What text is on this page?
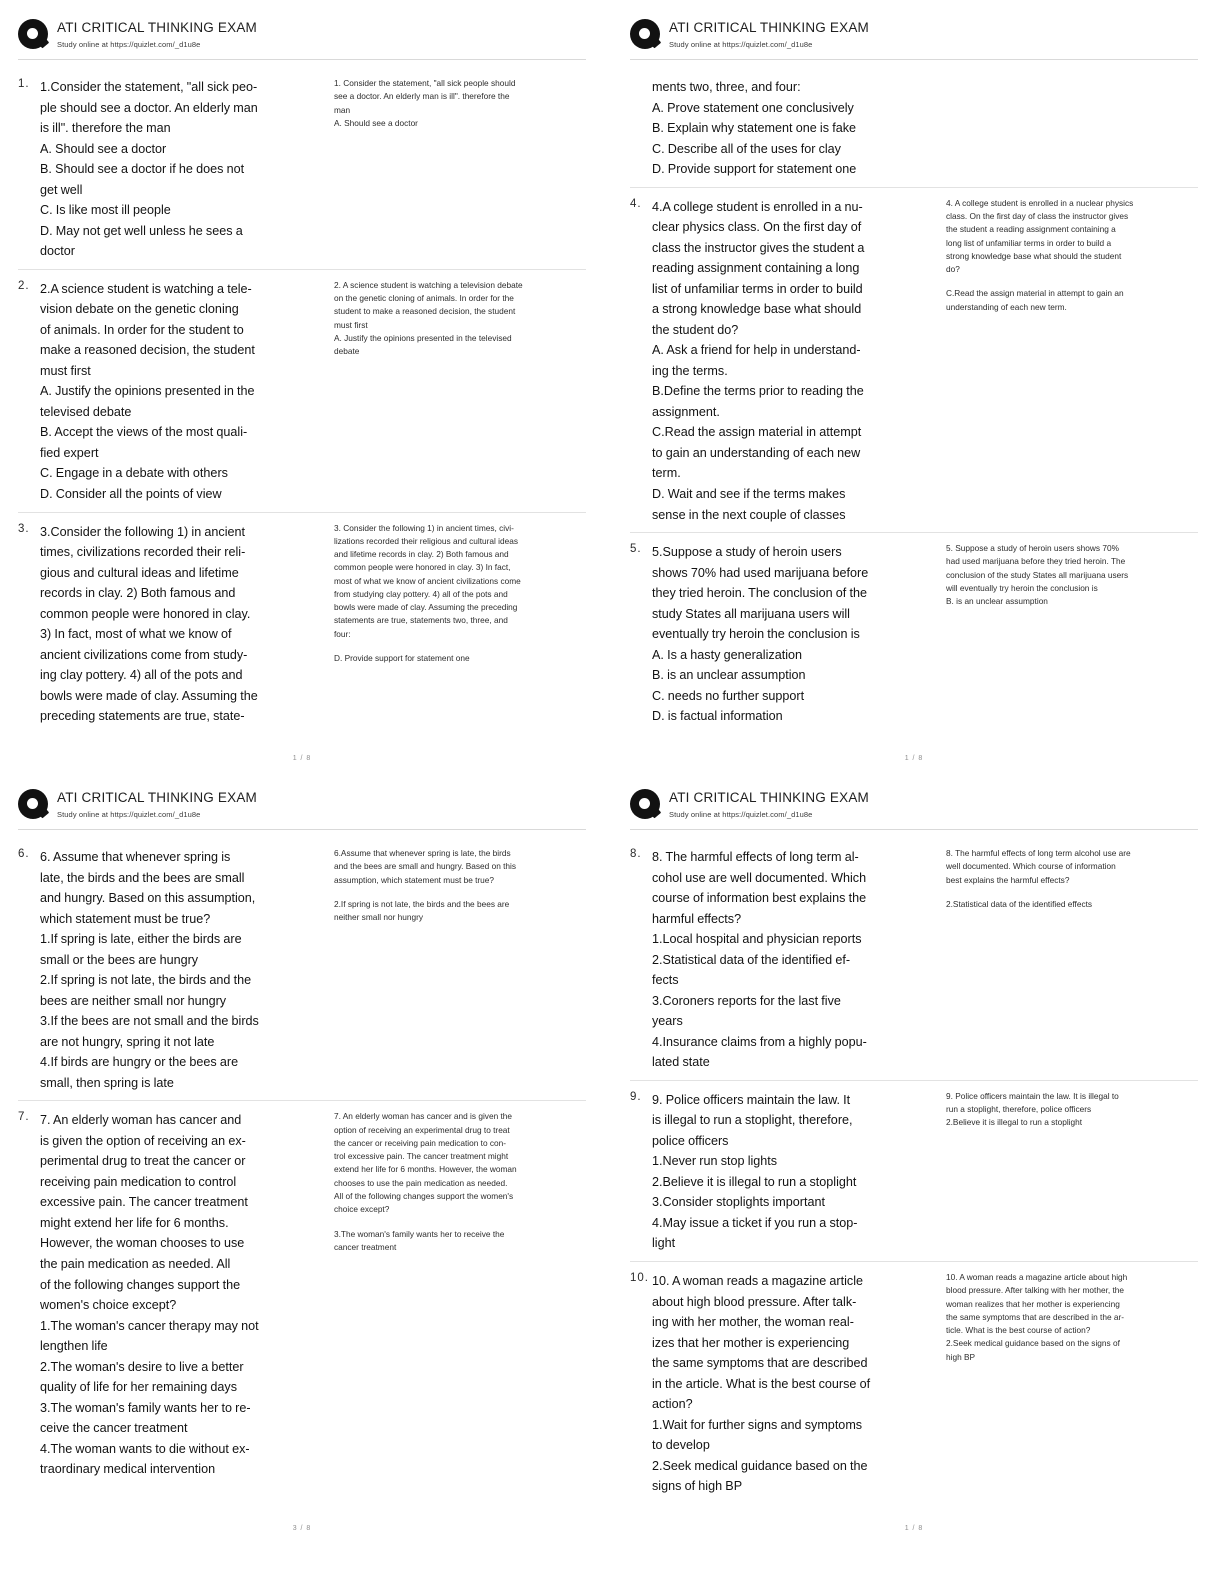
ATI CRITICAL THINKING EXAM
Study online at https://quizlet.com/_d1u8e
1. 1.Consider the statement, "all sick peo-
ple should see a doctor. An elderly man
is ill". therefore the man
A. Should see a doctor
B. Should see a doctor if he does not
get well
C. Is like most ill people
D. May not get well unless he sees a
doctor
1. Consider the statement, "all sick people should
see a doctor. An elderly man is ill". therefore the
man
A. Should see a doctor
2. 2.A science student is watching a tele-
vision debate on the genetic cloning
of animals. In order for the student to
make a reasoned decision, the student
must first
A. Justify the opinions presented in the
televised debate
B. Accept the views of the most quali-
fied expert
C. Engage in a debate with others
D. Consider all the points of view
2. A science student is watching a television debate
on the genetic cloning of animals. In order for the
student to make a reasoned decision, the student
must first
A. Justify the opinions presented in the televised
debate
3. 3.Consider the following 1) in ancient
times, civilizations recorded their reli-
gious and cultural ideas and lifetime
records in clay. 2) Both famous and
common people were honored in clay.
3) In fact, most of what we know of
ancient civilizations come from study-
ing clay pottery. 4) all of the pots and
bowls were made of clay. Assuming the
preceding statements are true, state-
3. Consider the following 1) in ancient times, civi-
lizations recorded their religious and cultural ideas
and lifetime records in clay. 2) Both famous and
common people were honored in clay. 3) In fact,
most of what we know of ancient civilizations come
from studying clay pottery. 4) all of the pots and
bowls were made of clay. Assuming the preceding
statements are true, statements two, three, and
four:
D. Provide support for statement one
1 / 8
ATI CRITICAL THINKING EXAM
Study online at https://quizlet.com/_d1u8e
ments two, three, and four:
A. Prove statement one conclusively
B. Explain why statement one is fake
C. Describe all of the uses for clay
D. Provide support for statement one
4. 4.A college student is enrolled in a nu-
clear physics class. On the first day of
class the instructor gives the student a
reading assignment containing a long
list of unfamiliar terms in order to build
a strong knowledge base what should
the student do?
A. Ask a friend for help in understand-
ing the terms.
B.Define the terms prior to reading the
assignment.
C.Read the assign material in attempt
to gain an understanding of each new
term.
D. Wait and see if the terms makes
sense in the next couple of classes
4. A college student is enrolled in a nuclear physics
class. On the first day of class the instructor gives
the student a reading assignment containing a
long list of unfamiliar terms in order to build a
strong knowledge base what should the student
do?
C.Read the assign material in attempt to gain an
understanding of each new term.
5. 5.Suppose a study of heroin users
shows 70% had used marijuana before
they tried heroin. The conclusion of the
study States all marijuana users will
eventually try heroin the conclusion is
A. Is a hasty generalization
B. is an unclear assumption
C. needs no further support
D. is factual information
5. Suppose a study of heroin users shows 70%
had used marijuana before they tried heroin. The
conclusion of the study States all marijuana users
will eventually try heroin the conclusion is
B. is an unclear assumption
1 / 8
ATI CRITICAL THINKING EXAM
Study online at https://quizlet.com/_d1u8e
6. 6. Assume that whenever spring is
late, the birds and the bees are small
and hungry. Based on this assumption,
which statement must be true?
1.If spring is late, either the birds are
small or the bees are hungry
2.If spring is not late, the birds and the
bees are neither small nor hungry
3.If the bees are not small and the birds
are not hungry, spring it not late
4.If birds are hungry or the bees are
small, then spring is late
6.Assume that whenever spring is late, the birds
and the bees are small and hungry. Based on this
assumption, which statement must be true?
2.If spring is not late, the birds and the bees are
neither small nor hungry
7. 7. An elderly woman has cancer and
is given the option of receiving an ex-
perimental drug to treat the cancer or
receiving pain medication to control
excessive pain. The cancer treatment
might extend her life for 6 months.
However, the woman chooses to use
the pain medication as needed. All
of the following changes support the
women's choice except?
1.The woman's cancer therapy may not
lengthen life
2.The woman's desire to live a better
quality of life for her remaining days
3.The woman's family wants her to re-
ceive the cancer treatment
4.The woman wants to die without ex-
traordinary medical intervention
7. An elderly woman has cancer and is given the
option of receiving an experimental drug to treat
the cancer or receiving pain medication to con-
trol excessive pain. The cancer treatment might
extend her life for 6 months. However, the woman
chooses to use the pain medication as needed.
All of the following changes support the women's
choice except?
3.The woman's family wants her to receive the
cancer treatment
3 / 8
ATI CRITICAL THINKING EXAM
Study online at https://quizlet.com/_d1u8e
8. 8. The harmful effects of long term al-
cohol use are well documented. Which
course of information best explains the
harmful effects?
1.Local hospital and physician reports
2.Statistical data of the identified ef-
fects
3.Coroners reports for the last five
years
4.Insurance claims from a highly popu-
lated state
8. The harmful effects of long term alcohol use are
well documented. Which course of information
best explains the harmful effects?
2.Statistical data of the identified effects
9. 9. Police officers maintain the law. It
is illegal to run a stoplight, therefore,
police officers
1.Never run stop lights
2.Believe it is illegal to run a stoplight
3.Consider stoplights important
4.May issue a ticket if you run a stop-
light
9. Police officers maintain the law. It is illegal to
run a stoplight, therefore, police officers
2.Believe it is illegal to run a stoplight
10. 10. A woman reads a magazine article
about high blood pressure. After talk-
ing with her mother, the woman real-
izes that her mother is experiencing
the same symptoms that are described
in the article. What is the best course of
action?
1.Wait for further signs and symptoms
to develop
2.Seek medical guidance based on the
signs of high BP
10. A woman reads a magazine article about high
blood pressure. After talking with her mother, the
woman realizes that her mother is experiencing
the same symptoms that are described in the ar-
ticle. What is the best course of action?
2.Seek medical guidance based on the signs of
high BP
1 / 8
